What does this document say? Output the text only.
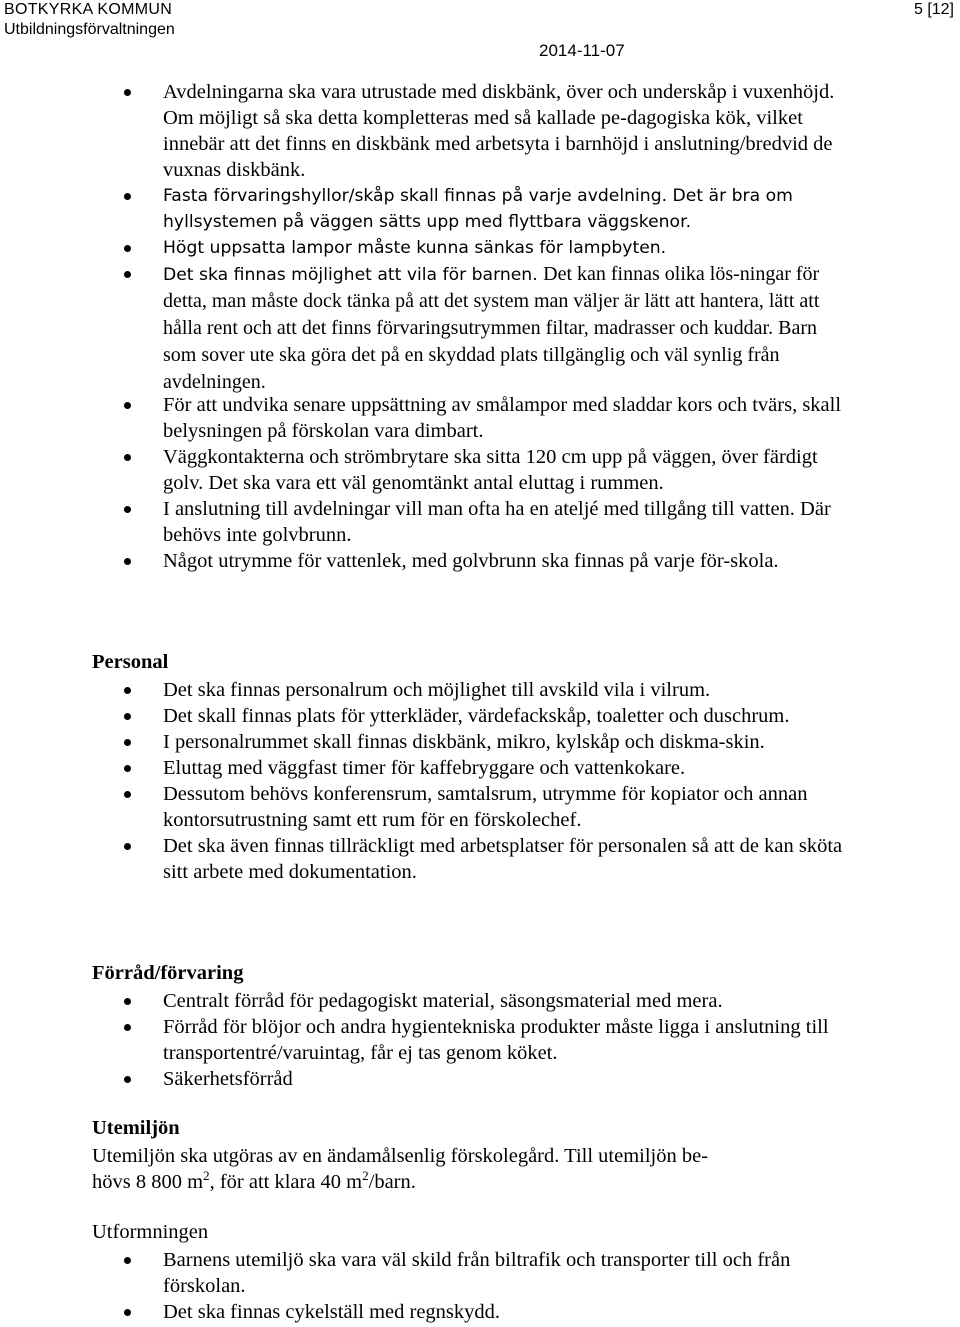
BOTKYRKA KOMMUN
Utbildningsförvaltningen
5 [12]
2014-11-07
Avdelningarna ska vara utrustade med diskbänk, över och underskåp i vuxenhöjd. Om möjligt så ska detta kompletteras med så kallade pe-dagogiska kök, vilket innebär att det finns en diskbänk med arbetsyta i barnhöjd i anslutning/bredvid de vuxnas diskbänk.
Fasta förvaringshyllor/skåp skall finnas på varje avdelning. Det är bra om hyllsystemen på väggen sätts upp med flyttbara väggskenor.
Högt uppsatta lampor måste kunna sänkas för lampbyten.
Det ska finnas möjlighet att vila för barnen. Det kan finnas olika lös-ningar för detta, man måste dock tänka på att det system man väljer är lätt att hantera, lätt att hålla rent och att det finns förvaringsutrymmen filtar, madrasser och kuddar. Barn som sover ute ska göra det på en skyddad plats tillgänglig och väl synlig från avdelningen.
För att undvika senare uppsättning av smålampor med sladdar kors och tvärs, skall belysningen på förskolan vara dimbart.
Väggkontakterna och strömbrytare ska sitta 120 cm upp på väggen, över färdigt golv. Det ska vara ett väl genomtänkt antal eluttag i rummen.
I anslutning till avdelningar vill man ofta ha en ateljé med tillgång till vatten. Där behövs inte golvbrunn.
Något utrymme för vattenlek, med golvbrunn ska finnas på varje för-skola.
Personal
Det ska finnas personalrum och möjlighet till avskild vila i vilrum.
Det skall finnas plats för ytterkläder, värdefackskåp, toaletter och duschrum.
I personalrummet skall finnas diskbänk, mikro, kylskåp och diskma-skin.
Eluttag med väggfast timer för kaffebryggare och vattenkokare.
Dessutom behövs konferensrum, samtalsrum, utrymme för kopiator och annan kontorsutrustning samt ett rum för en förskolechef.
Det ska även finnas tillräckligt med arbetsplatser för personalen så att de kan sköta sitt arbete med dokumentation.
Förråd/förvaring
Centralt förråd för pedagogiskt material, säsongsmaterial med mera.
Förråd för blöjor och andra hygientekniska produkter måste ligga i anslutning till transportentré/varuintag, får ej tas genom köket.
Säkerhetsförråd
Utemiljön
Utemiljön ska utgöras av en ändamålsenlig förskolegård. Till utemiljön be-
hövs 8 800 $m^2$, för att klara 40 $m^2$/barn.
Utformningen
Barnens utemiljö ska vara väl skild från biltrafik och transporter till och från förskolan.
Det ska finnas cykelställ med regnskydd.
